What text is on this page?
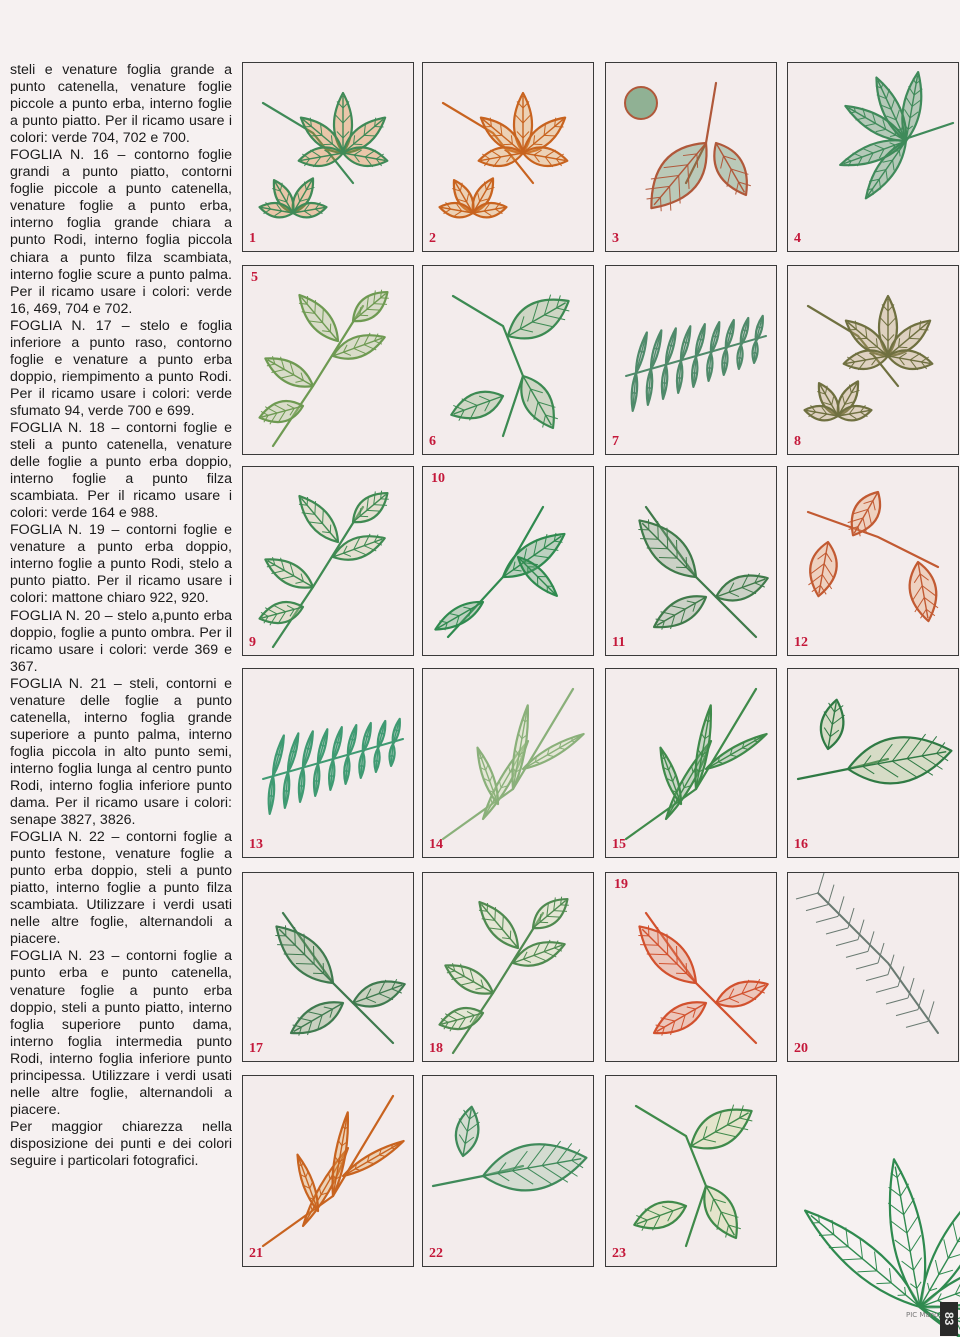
steli e venature foglia grande a punto catenella, venature foglie piccole a punto erba, interno foglie a punto piatto. Per il ricamo usare i colori: verde 704, 702 e 700.

FOGLIA N. 16 – contorno foglie grandi a punto piatto, contorni foglie piccole a punto catenella, venature foglie a punto erba, interno foglia grande chiara a punto Rodi, interno foglia piccola chiara a punto filza scambiata, interno foglie scure a punto palma. Per il ricamo usare i colori: verde 16, 469, 704 e 702.

FOGLIA N. 17 – stelo e foglia inferiore a punto raso, contorno foglie e venature a punto erba doppio, riempimento a punto Rodi. Per il ricamo usare i colori: verde sfumato 94, verde 700 e 699.

FOGLIA N. 18 – contorni foglie e steli a punto catenella, venature delle foglie a punto erba doppio, interno foglie a punto filza scambiata. Per il ricamo usare i colori: verde 164 e 988.

FOGLIA N. 19 – contorni foglie e venature a punto erba doppio, interno foglie a punto Rodi, stelo a punto piatto. Per il ricamo usare i colori: mattone chiaro 922, 920.

FOGLIA N. 20 – stelo a,punto erba doppio, foglie a punto ombra. Per il ricamo usare i colori: verde 369 e 367.

FOGLIA N. 21 – steli, contorni e venature delle foglie a punto catenella, interno foglia grande superiore a punto palma, interno foglia piccola in alto punto semi, interno foglia lunga al centro punto Rodi, interno foglia inferiore punto dama. Per il ricamo usare i colori: senape 3827, 3826.

FOGLIA N. 22 – contorni foglie a punto festone, venature foglie a punto erba doppio, steli a punto piatto, interno foglie a punto filza scambiata. Utilizzare i verdi usati nelle altre foglie, alternandoli a piacere.

FOGLIA N. 23 – contorni foglie a punto erba e punto catenella, venature foglie a punto erba doppio, steli a punto piatto, interno foglia superiore punto dama, interno foglia intermedia punto Rodi, interno foglia inferiore punto principessa. Utilizzare i verdi usati nelle altre foglie, alternandoli a piacere.

Per maggior chiarezza nella disposizione dei punti e dei colori seguire i particolari fotografici.

1	2	3	4
5
6	7	8
9
10
11	12
13	14	15	16
17	18
19
20
21	22	23
PIC Mano 83
